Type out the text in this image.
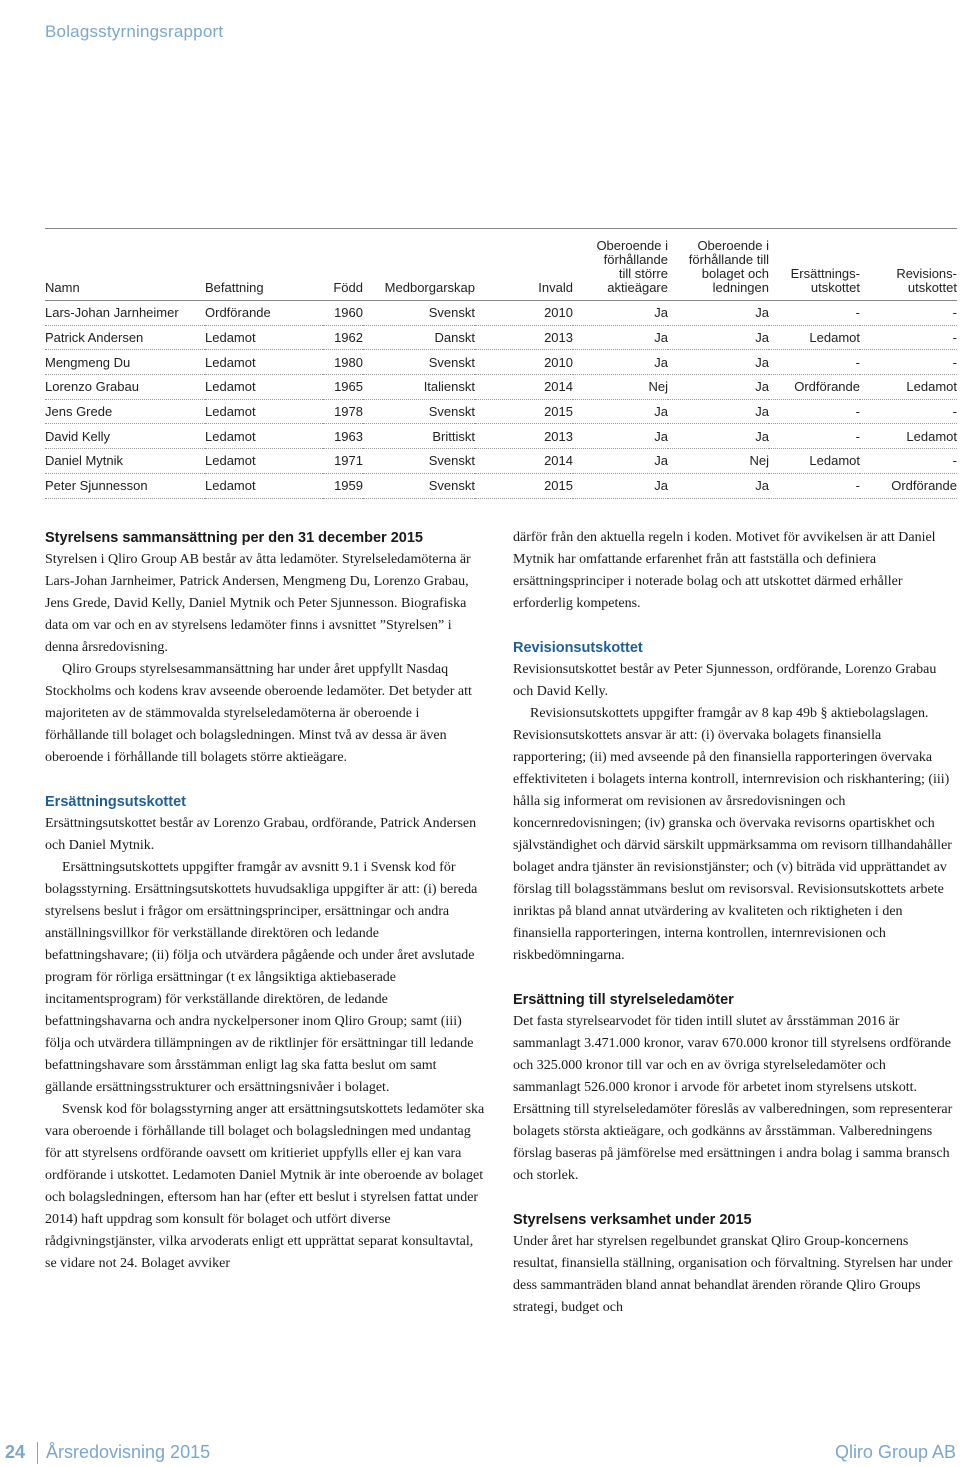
Bolagsstyrningsrapport
Namn	Befattning	Född	Medborgarskap	Invald	Oberoende i
förhållande
till större
aktieägare	Oberoende i
förhållande till
bolaget och
ledningen	Ersättnings-
utskottet	Revisions-
utskottet
Lars-Johan Jarnheimer	Ordförande	1960	Svenskt	2010	Ja	Ja	-	-
Patrick Andersen	Ledamot	1962	Danskt	2013	Ja	Ja	Ledamot	-
Mengmeng Du	Ledamot	1980	Svenskt	2010	Ja	Ja	-	-
Lorenzo Grabau	Ledamot	1965	Italienskt	2014	Nej	Ja	Ordförande	Ledamot
Jens Grede	Ledamot	1978	Svenskt	2015	Ja	Ja	-	-
David Kelly	Ledamot	1963	Brittiskt	2013	Ja	Ja	-	Ledamot
Daniel Mytnik	Ledamot	1971	Svenskt	2014	Ja	Nej	Ledamot	-
Peter Sjunnesson	Ledamot	1959	Svenskt	2015	Ja	Ja	-	Ordförande
Styrelsens sammansättning per den 31 december 2015

Styrelsen i Qliro Group AB består av åtta ledamöter. Styrelseledamöterna är Lars-Johan Jarnheimer, Patrick Andersen, Mengmeng Du, Lorenzo Grabau, Jens Grede, David Kelly, Daniel Mytnik och Peter Sjunnesson. Biografiska data om var och en av styrelsens ledamöter finns i avsnittet ”Styrelsen” i denna årsredovisning.

Qliro Groups styrelsesammansättning har under året uppfyllt Nasdaq Stockholms och kodens krav avseende oberoende ledamöter. Det betyder att majoriteten av de stämmovalda styrelseledamöterna är oberoende i förhållande till bolaget och bolagsledningen. Minst två av dessa är även oberoende i förhållande till bolagets större aktieägare.

Ersättningsutskottet

Ersättningsutskottet består av Lorenzo Grabau, ordförande, Patrick Andersen och Daniel Mytnik.

Ersättningsutskottets uppgifter framgår av avsnitt 9.1 i Svensk kod för bolagsstyrning. Ersättningsutskottets huvudsakliga uppgifter är att: (i) bereda styrelsens beslut i frågor om ersättningsprinciper, ersättningar och andra anställningsvillkor för verkställande direktören och ledande befattningshavare; (ii) följa och utvärdera pågående och under året avslutade program för rörliga ersättningar (t ex långsiktiga aktiebaserade incitamentsprogram) för verkställande direktören, de ledande befattningshavarna och andra nyckelpersoner inom Qliro Group; samt (iii) följa och utvärdera tillämpningen av de riktlinjer för ersättningar till ledande befattningshavare som årsstämman enligt lag ska fatta beslut om samt gällande ersättningsstrukturer och ersättningsnivåer i bolaget.

Svensk kod för bolagsstyrning anger att ersättningsutskottets ledamöter ska vara oberoende i förhållande till bolaget och bolagsledningen med undantag för att styrelsens ordförande oavsett om kritieriet uppfylls eller ej kan vara ordförande i utskottet. Ledamoten Daniel Mytnik är inte oberoende av bolaget och bolagsledningen, eftersom han har (efter ett beslut i styrelsen fattat under 2014) haft uppdrag som konsult för bolaget och utfört diverse rådgivningstjänster, vilka arvoderats enligt ett upprättat separat konsultavtal, se vidare not 24. Bolaget avviker

därför från den aktuella regeln i koden. Motivet för avvikelsen är att Daniel Mytnik har omfattande erfarenhet från att fastställa och definiera ersättningsprinciper i noterade bolag och att utskottet därmed erhåller erforderlig kompetens.

Revisionsutskottet

Revisionsutskottet består av Peter Sjunnesson, ordförande, Lorenzo Grabau och David Kelly.

Revisionsutskottets uppgifter framgår av 8 kap 49b § aktiebolagslagen. Revisionsutskottets ansvar är att: (i) övervaka bolagets finansiella rapportering; (ii) med avseende på den finansiella rapporteringen övervaka effektiviteten i bolagets interna kontroll, internrevision och riskhantering; (iii) hålla sig informerat om revisionen av årsredovisningen och koncernredovisningen; (iv) granska och övervaka revisorns opartiskhet och självständighet och därvid särskilt uppmärksamma om revisorn tillhandahåller bolaget andra tjänster än revisionstjänster; och (v) biträda vid upprättandet av förslag till bolagsstämmans beslut om revisorsval. Revisionsutskottets arbete inriktas på bland annat utvärdering av kvaliteten och riktigheten i den finansiella rapporteringen, interna kontrollen, internrevisionen och riskbedömningarna.

Ersättning till styrelseledamöter

Det fasta styrelsearvodet för tiden intill slutet av årsstämman 2016 är sammanlagt 3.471.000 kronor, varav 670.000 kronor till styrelsens ordförande och 325.000 kronor till var och en av övriga styrelseledamöter och sammanlagt 526.000 kronor i arvode för arbetet inom styrelsens utskott. Ersättning till styrelseledamöter föreslås av valberedningen, som representerar bolagets största aktieägare, och godkänns av årsstämman. Valberedningens förslag baseras på jämförelse med ersättningen i andra bolag i samma bransch och storlek.

Styrelsens verksamhet under 2015

Under året har styrelsen regelbundet granskat Qliro Group-koncernens resultat, finansiella ställning, organisation och förvaltning. Styrelsen har under dess sammanträden bland annat behandlat ärenden rörande Qliro Groups strategi, budget och

24 Årsredovisning 2015	Qliro Group AB
